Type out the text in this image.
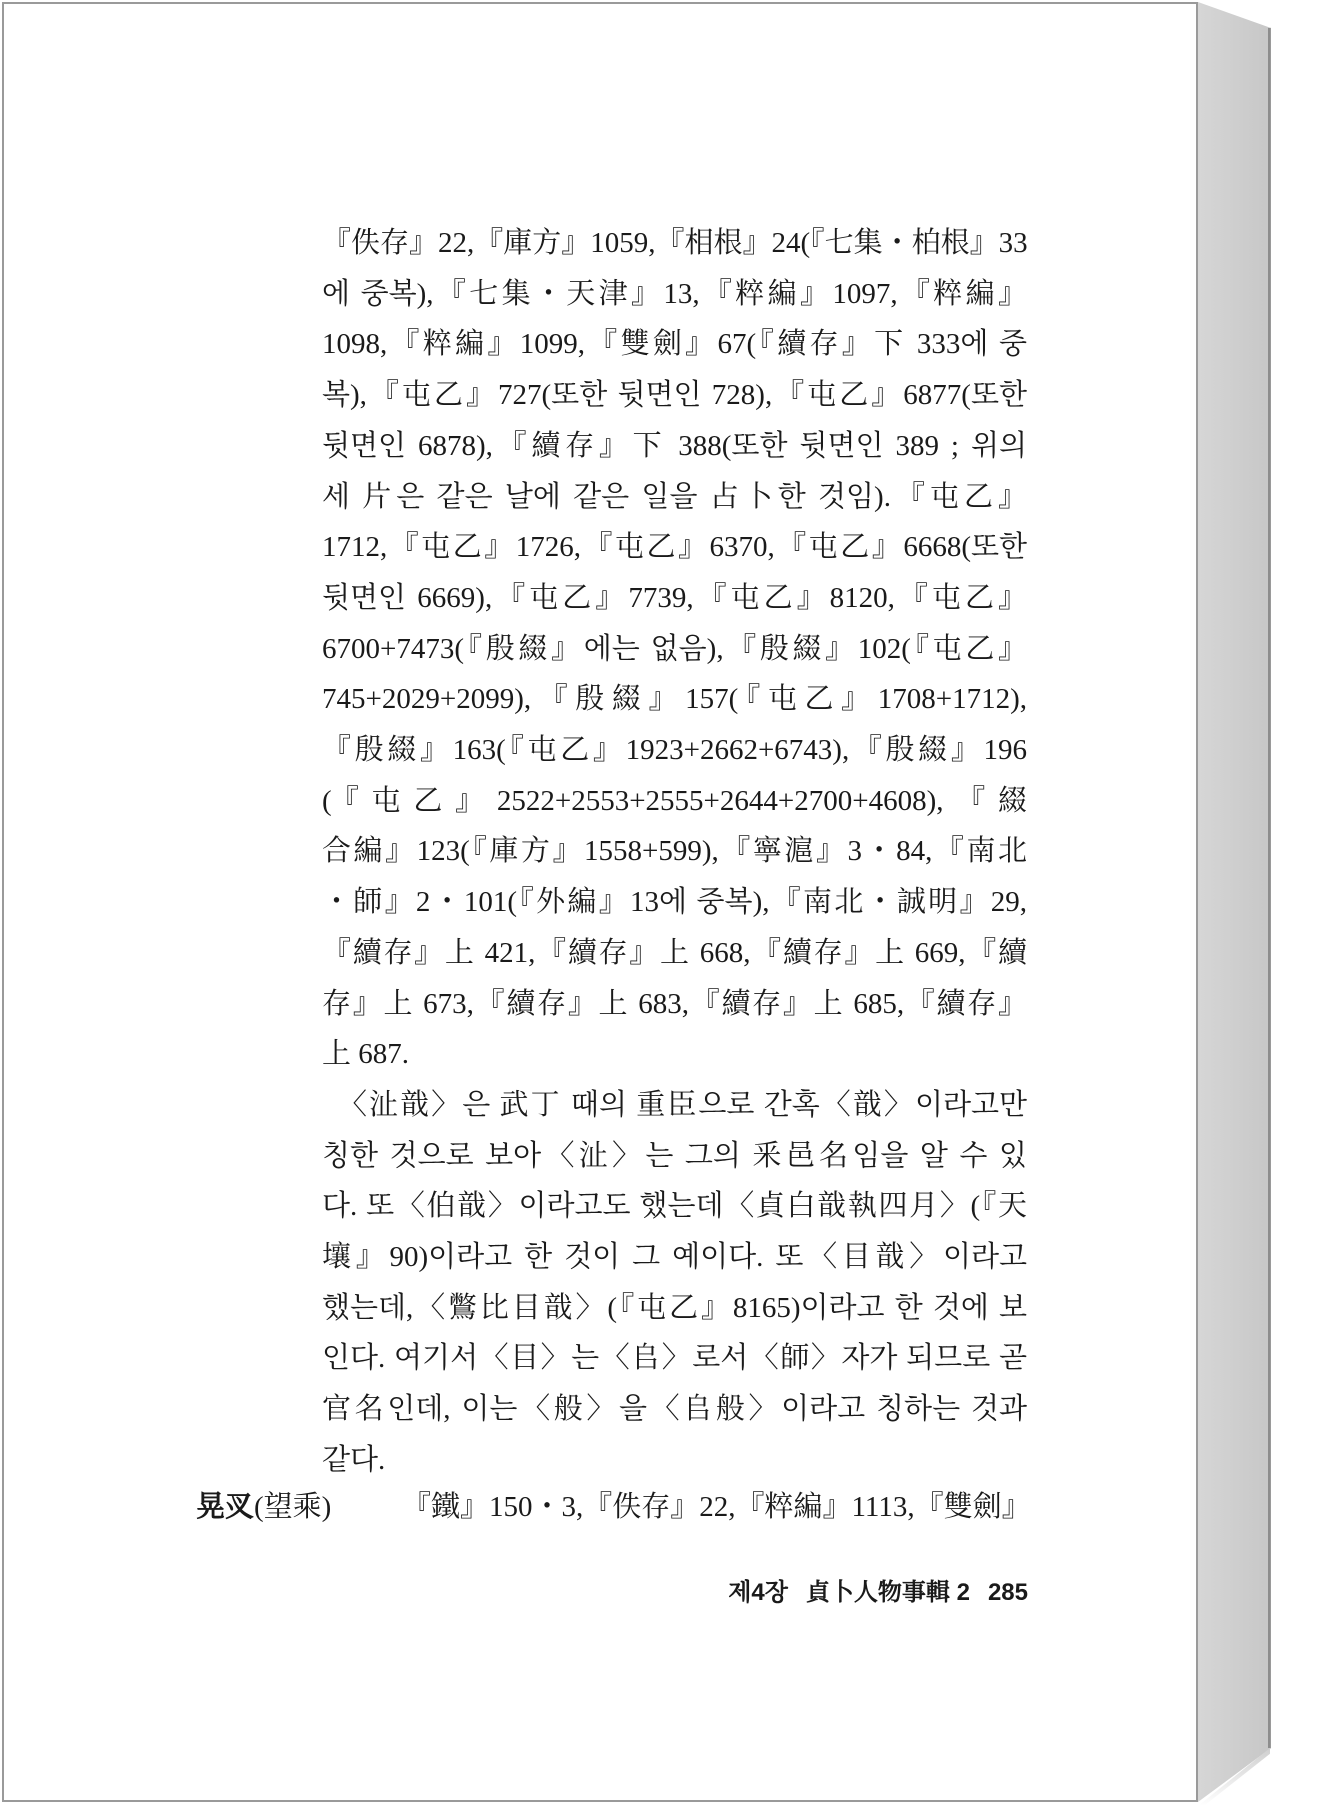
『佚存』22,『庫方』1059,『相根』24(『七集・柏根』33
에 중복),『七集・天津』13,『粹編』1097,『粹編』
1098,『粹編』1099,『雙劍』67(『續存』下 333에 중
복),『屯乙』727(또한 뒷면인 728),『屯乙』6877(또한
뒷면인 6878),『續存』下 388(또한 뒷면인 389 ; 위의
세 片은 같은 날에 같은 일을 占卜한 것임).『屯乙』
1712,『屯乙』1726,『屯乙』6370,『屯乙』6668(또한
뒷면인 6669),『屯乙』7739,『屯乙』8120,『屯乙』
6700+7473(『殷綴』에는 없음),『殷綴』102(『屯乙』
745+2029+2099),『殷綴』157(『屯乙』1708+1712),
『殷綴』163(『屯乙』1923+2662+6743),『殷綴』196
(『屯乙』2522+2553+2555+2644+2700+4608),『綴
合編』123(『庫方』1558+599),『寧滬』3・84,『南北
・師』2・101(『外編』13에 중복),『南北・誠明』29,
『續存』上 421,『續存』上 668,『續存』上 669,『續
存』上 673,『續存』上 683,『續存』上 685,『續存』
上 687.

〈沚戠〉은 武丁 때의 重臣으로 간혹〈戠〉이라고만
칭한 것으로 보아〈沚〉는 그의 釆邑名임을 알 수 있
다. 또〈伯戠〉이라고도 했는데〈貞白戠執四月〉(『天
壤』90)이라고 한 것이 그 예이다. 또〈目戠〉이라고
했는데,〈鷩比目戠〉(『屯乙』8165)이라고 한 것에 보
인다. 여기서〈目〉는〈𠂤〉로서〈師〉자가 되므로 곧
官名인데, 이는〈般〉을〈𠂤般〉이라고 칭하는 것과
같다.

晃㕚(望乘) 『鐵』150・3,『佚存』22,『粹編』1113,『雙劍』
제4장 貞卜人物事輯 2 285
